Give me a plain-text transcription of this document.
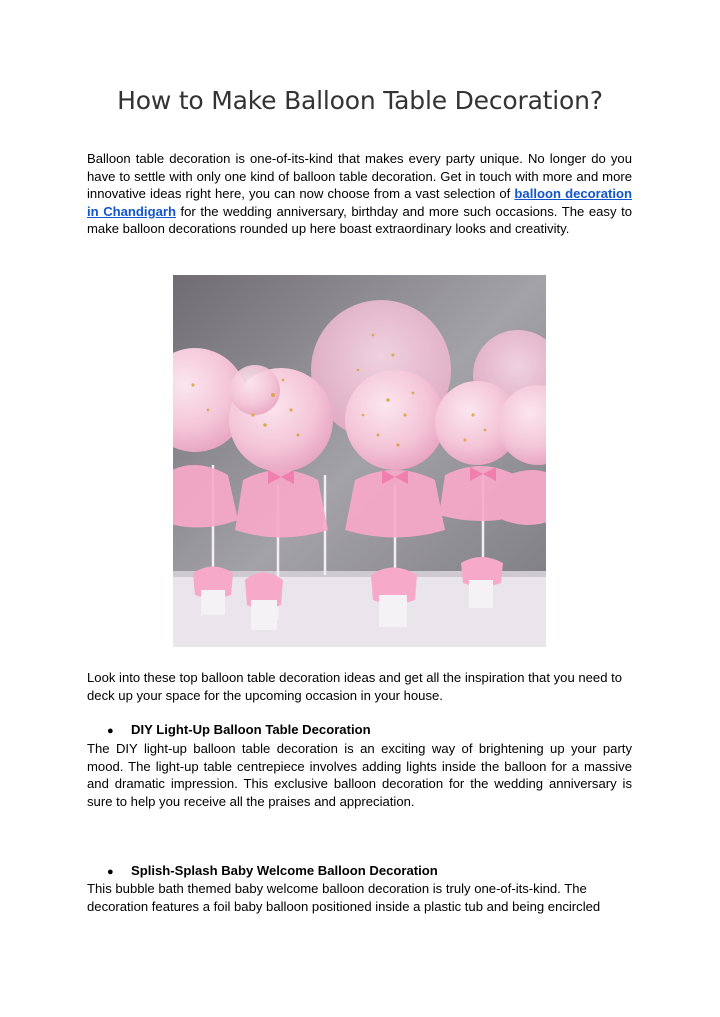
How to Make Balloon Table Decoration?

Balloon table decoration is one-of-its-kind that makes every party unique. No longer do you have to settle with only one kind of balloon table decoration. Get in touch with more and more innovative ideas right here, you can now choose from a vast selection of balloon decoration in Chandigarh for the wedding anniversary, birthday and more such occasions. The easy to make balloon decorations rounded up here boast extraordinary looks and creativity.

Look into these top balloon table decoration ideas and get all the inspiration that you need to deck up your space for the upcoming occasion in your house.

● DIY Light-Up Balloon Table Decoration

The DIY light-up balloon table decoration is an exciting way of brightening up your party mood. The light-up table centrepiece involves adding lights inside the balloon for a massive and dramatic impression. This exclusive balloon decoration for the wedding anniversary is sure to help you receive all the praises and appreciation.

● Splish-Splash Baby Welcome Balloon Decoration

This bubble bath themed baby welcome balloon decoration is truly one-of-its-kind. The decoration features a foil baby balloon positioned inside a plastic tub and being encircled
